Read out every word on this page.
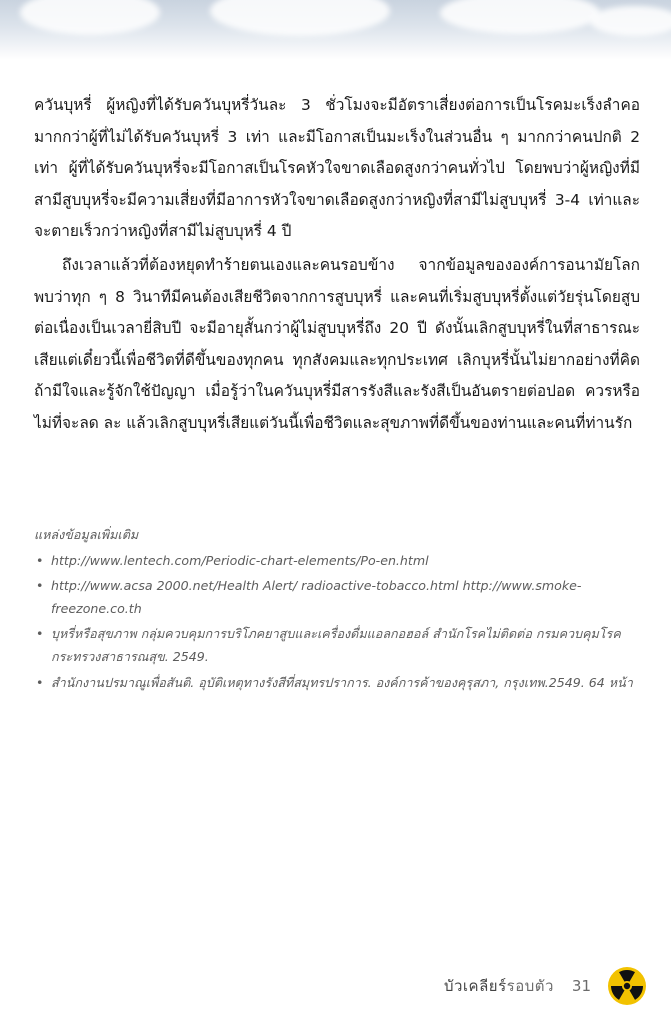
ควันบุหรี่ ผู้หญิงที่ได้รับควันบุหรี่วันละ 3 ชั่วโมงจะมีอัตราเสี่ยงต่อการเป็นโรคมะเร็งลำคอมากกว่าผู้ที่ไม่ได้รับควันบุหรี่ 3 เท่า และมีโอกาสเป็นมะเร็งในส่วนอื่น ๆ มากกว่าคนปกติ 2 เท่า ผู้ที่ได้รับควันบุหรี่จะมีโอกาสเป็นโรคหัวใจขาดเลือดสูงกว่าคนทั่วไป โดยพบว่าผู้หญิงที่มีสามีสูบบุหรี่จะมีความเสี่ยงที่มีอาการหัวใจขาดเลือดสูงกว่าหญิงที่สามีไม่สูบบุหรี่ 3-4 เท่าและจะตายเร็วกว่าหญิงที่สามีไม่สูบบุหรี่ 4 ปี

ถึงเวลาแล้วที่ต้องหยุดทำร้ายตนเองและคนรอบข้าง จากข้อมูลขององค์การอนามัยโลกพบว่าทุก ๆ 8 วินาทีมีคนต้องเสียชีวิตจากการสูบบุหรี่ และคนที่เริ่มสูบบุหรี่ตั้งแต่วัยรุ่นโดยสูบต่อเนื่องเป็นเวลายี่สิบปี จะมีอายุสั้นกว่าผู้ไม่สูบบุหรี่ถึง 20 ปี ดังนั้นเลิกสูบบุหรี่ในที่สาธารณะเสียแต่เดี๋ยวนี้เพื่อชีวิตที่ดีขึ้นของทุกคน ทุกสังคมและทุกประเทศ เลิกบุหรี่นั้นไม่ยากอย่างที่คิดถ้ามีใจและรู้จักใช้ปัญญา เมื่อรู้ว่าในควันบุหรี่มีสารรังสีและรังสีเป็นอันตรายต่อปอด ควรหรือไม่ที่จะลด ละ แล้วเลิกสูบบุหรี่เสียแต่วันนี้เพื่อชีวิตและสุขภาพที่ดีขึ้นของท่านและคนที่ท่านรัก

แหล่งข้อมูลเพิ่มเติม
• http://www.lentech.com/Periodic-chart-elements/Po-en.html
• http://www.acsa 2000.net/Health Alert/ radioactive-tobacco.html http://www.smoke-freezone.co.th
• บุหรี่หรือสุขภาพ กลุ่มควบคุมการบริโภคยาสูบและเครื่องดื่มแอลกอฮอล์ สำนักโรคไม่ติดต่อ กรมควบคุมโรค กระทรวงสาธารณสุข. 2549.
• สำนักงานปรมาณูเพื่อสันติ. อุบัติเหตุทางรังสีที่สมุทรปราการ. องค์การค้าของคุรุสภา, กรุงเทพ.2549. 64 หน้า
บัวเคลียร์รอบตัว 31
